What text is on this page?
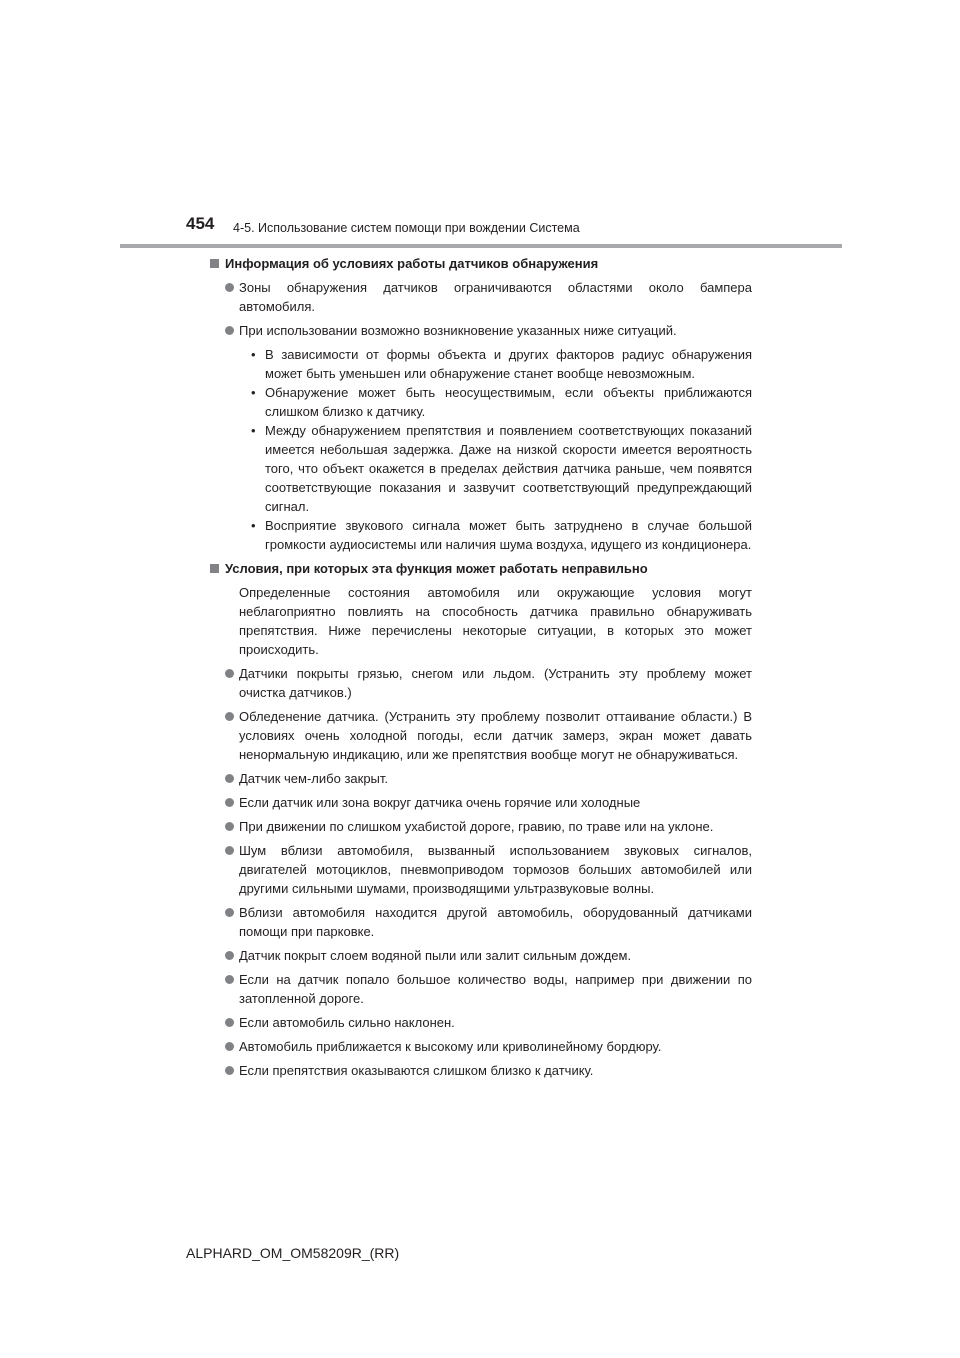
454 4-5. Использование систем помощи при вождении Система
Информация об условиях работы датчиков обнаружения
Зоны обнаружения датчиков ограничиваются областями около бампера автомобиля.
При использовании возможно возникновение указанных ниже ситуаций.
• В зависимости от формы объекта и других факторов радиус обнаружения может быть уменьшен или обнаружение станет вообще невозможным.
• Обнаружение может быть неосуществимым, если объекты приближаются слишком близко к датчику.
• Между обнаружением препятствия и появлением соответствующих показаний имеется небольшая задержка. Даже на низкой скорости имеется вероятность того, что объект окажется в пределах действия датчика раньше, чем появятся соответствующие показания и зазвучит соответствующий предупреждающий сигнал.
• Восприятие звукового сигнала может быть затруднено в случае большой громкости аудиосистемы или наличия шума воздуха, идущего из кондиционера.
Условия, при которых эта функция может работать неправильно
Определенные состояния автомобиля или окружающие условия могут неблагоприятно повлиять на способность датчика правильно обнаруживать препятствия. Ниже перечислены некоторые ситуации, в которых это может происходить.
Датчики покрыты грязью, снегом или льдом. (Устранить эту проблему может очистка датчиков.)
Обледенение датчика. (Устранить эту проблему позволит оттаивание области.) В условиях очень холодной погоды, если датчик замерз, экран может давать ненормальную индикацию, или же препятствия вообще могут не обнаруживаться.
Датчик чем-либо закрыт.
Если датчик или зона вокруг датчика очень горячие или холодные
При движении по слишком ухабистой дороге, гравию, по траве или на уклоне.
Шум вблизи автомобиля, вызванный использованием звуковых сигналов, двигателей мотоциклов, пневмоприводом тормозов больших автомобилей или другими сильными шумами, производящими ультразвуковые волны.
Вблизи автомобиля находится другой автомобиль, оборудованный датчиками помощи при парковке.
Датчик покрыт слоем водяной пыли или залит сильным дождем.
Если на датчик попало большое количество воды, например при движении по затопленной дороге.
Если автомобиль сильно наклонен.
Автомобиль приближается к высокому или криволинейному бордюру.
Если препятствия оказываются слишком близко к датчику.
ALPHARD_OM_OM58209R_(RR)
